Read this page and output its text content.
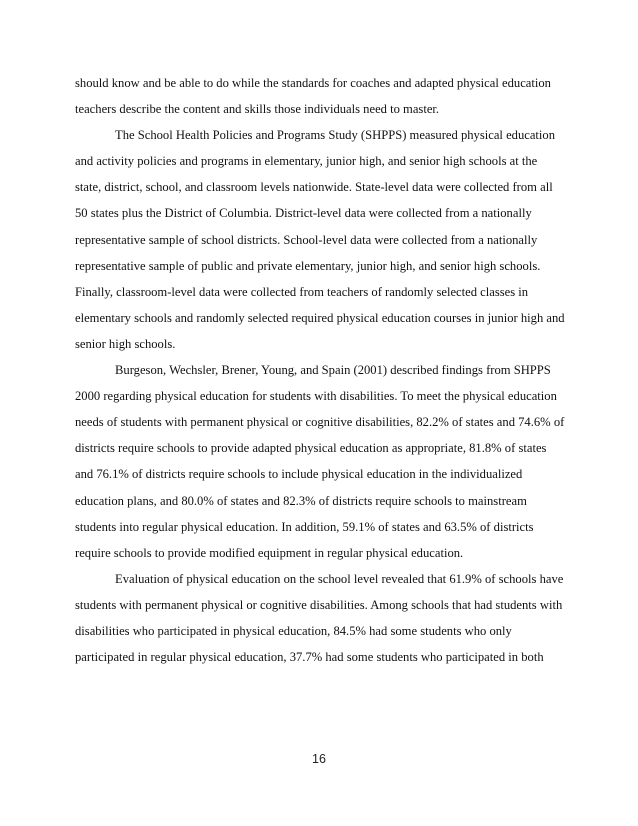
should know and be able to do while the standards for coaches and adapted physical education
teachers describe the content and skills those individuals need to master.
The School Health Policies and Programs Study (SHPPS) measured physical education
and activity policies and programs in elementary, junior high, and senior high schools at the
state, district, school, and classroom levels nationwide. State-level data were collected from all
50 states plus the District of Columbia. District-level data were collected from a nationally
representative sample of school districts. School-level data were collected from a nationally
representative sample of public and private elementary, junior high, and senior high schools.
Finally, classroom-level data were collected from teachers of randomly selected classes in
elementary schools and randomly selected required physical education courses in junior high and
senior high schools.
Burgeson, Wechsler, Brener, Young, and Spain (2001) described findings from SHPPS
2000 regarding physical education for students with disabilities. To meet the physical education
needs of students with permanent physical or cognitive disabilities, 82.2% of states and 74.6% of
districts require schools to provide adapted physical education as appropriate, 81.8% of states
and 76.1% of districts require schools to include physical education in the individualized
education plans, and 80.0% of states and 82.3% of districts require schools to mainstream
students into regular physical education. In addition, 59.1% of states and 63.5% of districts
require schools to provide modified equipment in regular physical education.
Evaluation of physical education on the school level revealed that 61.9% of schools have
students with permanent physical or cognitive disabilities. Among schools that had students with
disabilities who participated in physical education, 84.5% had some students who only
participated in regular physical education, 37.7% had some students who participated in both
16
